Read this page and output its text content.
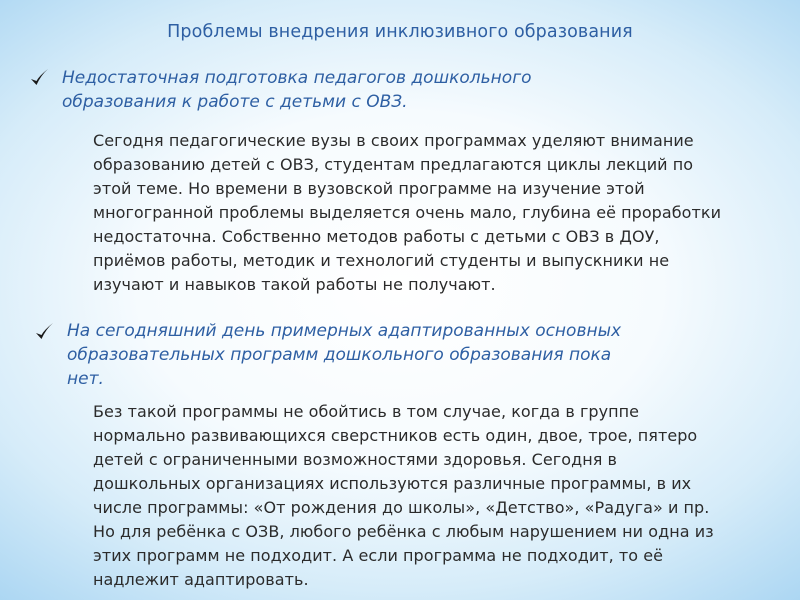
Проблемы внедрения инклюзивного образования
Недостаточная подготовка педагогов дошкольного
образования к работе с детьми с ОВЗ.
Сегодня педагогические вузы в своих программах уделяют внимание
образованию детей с ОВЗ, студентам предлагаются циклы лекций по
этой теме. Но времени в вузовской программе на изучение этой
многогранной проблемы выделяется очень мало, глубина её проработки
недостаточна. Собственно методов работы с детьми с ОВЗ в ДОУ,
приёмов работы, методик и технологий студенты и выпускники не
изучают и навыков такой работы не получают.
На сегодняшний день примерных адаптированных основных
образовательных программ дошкольного образования пока
нет.
Без такой программы не обойтись в том случае, когда в группе
нормально развивающихся сверстников есть один, двое, трое, пятеро
детей с ограниченными возможностями здоровья. Сегодня в
дошкольных организациях используются различные программы, в их
числе программы: «От рождения до школы», «Детство», «Радуга» и пр.
Но для ребёнка с ОЗВ, любого ребёнка с любым нарушением ни одна из
этих программ не подходит. А если программа не подходит, то её
надлежит адаптировать.
